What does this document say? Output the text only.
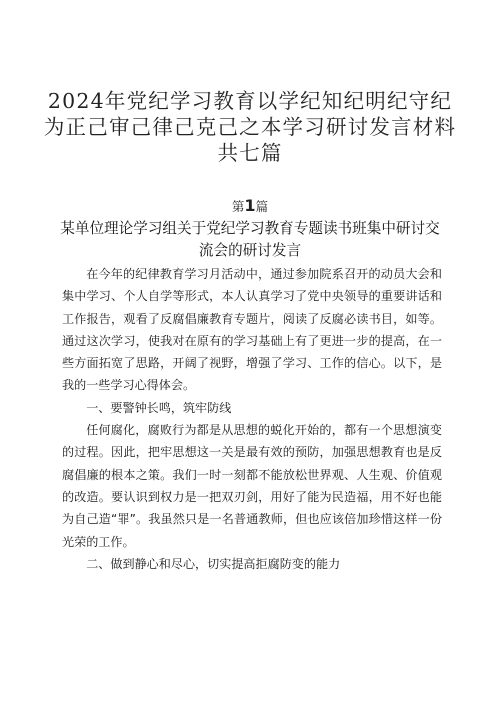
2024年党纪学习教育以学纪知纪明纪守纪为正己审己律己克己之本学习研讨发言材料共七篇
第1篇
某单位理论学习组关于党纪学习教育专题读书班集中研讨交流会的研讨发言

在今年的纪律教育学习月活动中，通过参加院系召开的动员大会和集中学习、个人自学等形式，本人认真学习了党中央领导的重要讲话和工作报告，观看了反腐倡廉教育专题片，阅读了反腐必读书目，如等。通过这次学习，使我对在原有的学习基础上有了更进一步的提高，在一些方面拓宽了思路，开阔了视野，增强了学习、工作的信心。以下，是我的一些学习心得体会。

一、要警钟长鸣，筑牢防线

任何腐化，腐败行为都是从思想的蜕化开始的，都有一个思想演变的过程。因此，把牢思想这一关是最有效的预防，加强思想教育也是反腐倡廉的根本之策。我们一时一刻都不能放松世界观、人生观、价值观的改造。要认识到权力是一把双刃剑，用好了能为民造福，用不好也能为自己造“罪”。我虽然只是一名普通教师，但也应该倍加珍惜这样一份光荣的工作。

二、做到静心和尽心，切实提高拒腐防变的能力
